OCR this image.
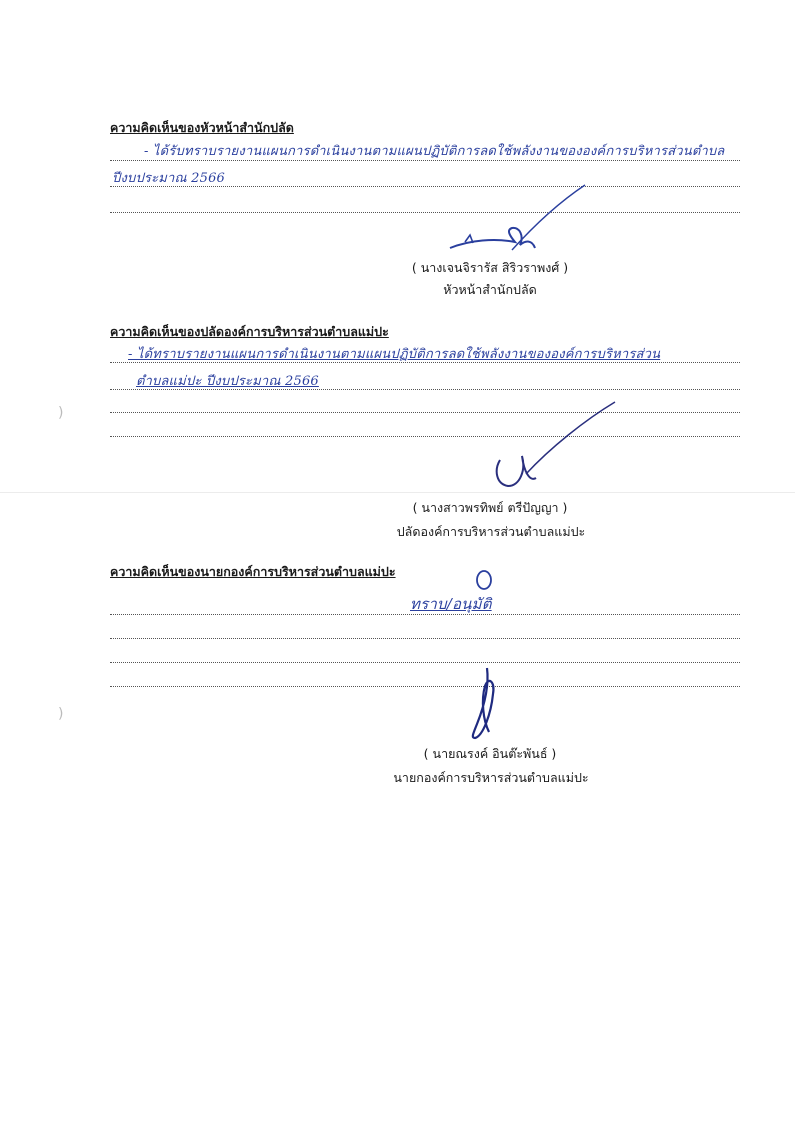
)
)
ความคิดเห็นของหัวหน้าสำนักปลัด
- ได้รับทราบรายงานแผนการดำเนินงานตามแผนปฏิบัติการลดใช้พลังงานขององค์การบริหารส่วนตำบล
ปีงบประมาณ 2566
( นางเจนจิรารัส สิริวราพงศ์ )
หัวหน้าสำนักปลัด
ความคิดเห็นของปลัดองค์การบริหารส่วนตำบลแม่ปะ
- ได้ทราบรายงานแผนการดำเนินงานตามแผนปฏิบัติการลดใช้พลังงานขององค์การบริหารส่วน
ตำบลแม่ปะ ปีงบประมาณ 2566
( นางสาวพรทิพย์ ตรีปัญญา )
ปลัดองค์การบริหารส่วนตำบลแม่ปะ
ความคิดเห็นของนายกองค์การบริหารส่วนตำบลแม่ปะ
ทราบ/อนุมัติ
( นายณรงค์ อินต๊ะพันธ์ )
นายกองค์การบริหารส่วนตำบลแม่ปะ
